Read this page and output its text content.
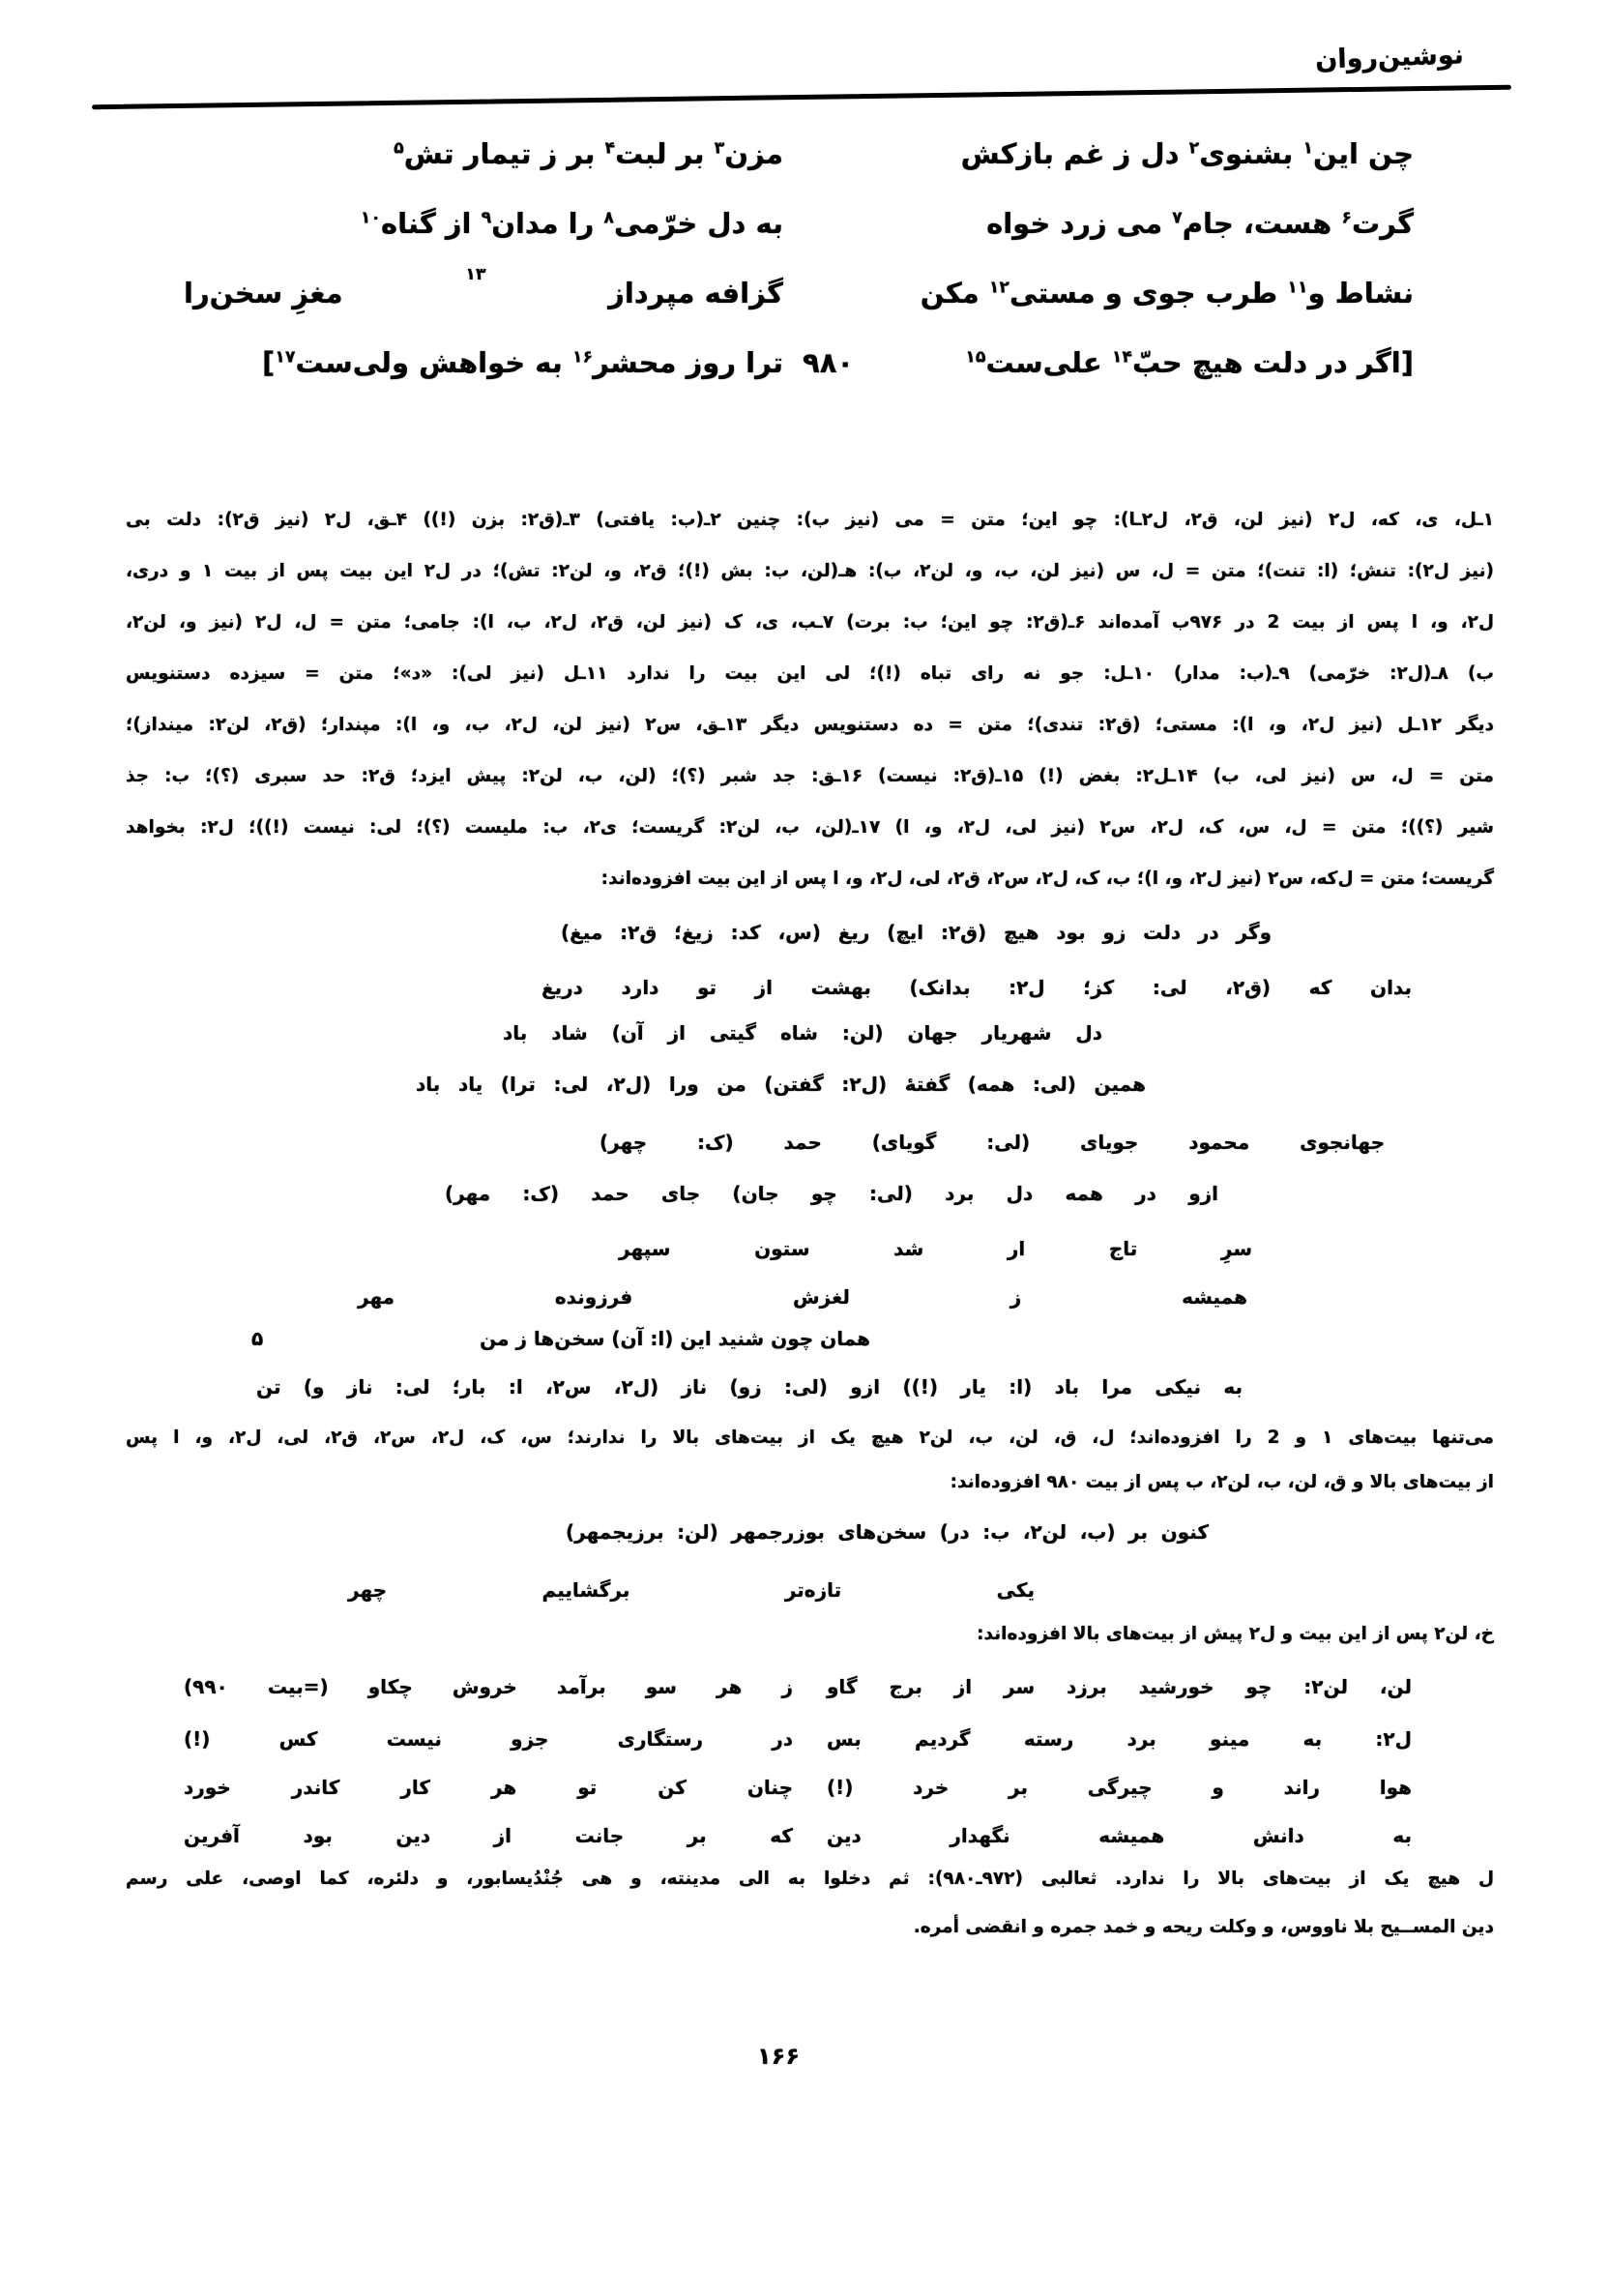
نوشین‌روان
چن این$^۱$ بشنوی$^۲$ دل ز غم بازکش
مزن$^۳$ بر لبت$^۴$ بر ز تیمار تش$^۵$
گرت$^۶$ هست، جام$^۷$ می زرد خواه
به دل خرّمی$^۸$ را مدان$^۹$ از گناه$^{۱۰}$
نشاط و$^{۱۱}$ طرب جوی و مستی$^{۱۲}$ مکن
گزافه مپرداز
۱۳
مغزِ سخن‌را
[اگر در دلت هیچ حبّ$^{۱۴}$ علی‌ست$^{۱۵}$
۹۸۰
ترا روز محشر$^{۱۶}$ به خواهش ولی‌ست$^{۱۷}$]
۱ـل، ی، که، ل۲ (نیز لن، ق۲، ل۲ـا): چو این؛ متن = می (نیز ب): چنین ۲ـ(ب: یافتی) ۳ـ(ق۲: بزن (!)) ۴ـق، ل۲ (نیز ق۲): دلت بی
(نیز ل۲): تنش؛ (ا: تنت)؛ متن = ل، س (نیز لن، ب، و، لن۲، ب): هـ(لن، ب: بش (!)؛ ق۲، و، لن۲: تش)؛ در ل۲ این بیت پس از بیت ۱ و دری،
ل۲، و، ا پس از بیت 2 در ۹۷۶ب آمده‌اند ۶ـ(ق۲: چو این؛ ب: برت) ۷ـب، ی، ک (نیز لن، ق۲، ل۲، ب، ا): جامی؛ متن = ل، ل۲ (نیز و، لن۲،
ب) ۸ـ(ل۲: خرّمی) ۹ـ(ب: مدار) ۱۰ـل: جو نه رای تباه (!)؛ لی این بیت را ندارد ۱۱ـل (نیز لی): «د»؛ متن = سیزده دستنویس
دیگر ۱۲ـل (نیز ل۲، و، ا): مستی؛ (ق۲: تندی)؛ متن = ده دستنویس دیگر ۱۳ـق، س۲ (نیز لن، ل۲، ب، و، ا): مپندار؛ (ق۲، لن۲: مینداز)؛
متن = ل، س (نیز لی، ب) ۱۴ـل۲: بغض (!) ۱۵ـ(ق۲: نیست) ۱۶ـق: جد شبر (؟)؛ (لن، ب، لن۲: پیش ایزد؛ ق۲: حد سبری (؟)؛ ب: جذ
شیر (؟))؛ متن = ل، س، ک، ل۲، س۲ (نیز لی، ل۲، و، ا) ۱۷ـ(لن، ب، لن۲: گریست؛ ی۲، ب: ملیست (؟)؛ لی: نیست (!))؛ ل۲: بخواهد
گریست؛ متن = ل‌که، س۲ (نیز ل۲، و، ا)؛ ب، ک، ل۲، س۲، ق۲، لی، ل۲، و، ا پس از این بیت افزوده‌اند:
وگر در دلت زو بود هیچ (ق۲: ایچ) ریغ (س، کد: زیغ؛ ق۲: میغ)
بدان که (ق۲، لی: کز؛ ل۲: بدانک) بهشت از تو دارد دریغ
دل شهریار جهان (لن: شاه گیتی از آن) شاد باد
همین (لی: همه) گفتهٔ (ل۲: گفتن) من ورا (ل۲، لی: ترا) یاد باد
جهانجوی محمود جویای (لی: گویای) حمد (ک: چهر)
ازو در همه دل برد (لی: چو جان) جای حمد (ک: مهر)
سرِ تاج ار شد ستون سپهر
همیشه ز لغزش فرزونده مهر
همان چون شنید این (ا: آن) سخن‌ها ز من
۵
به نیکی مرا باد (ا: یار (!)) ازو (لی: زو) ناز (ل۲، س۲، ا: بار؛ لی: ناز و) تن
می‌تنها بیت‌های ۱ و 2 را افزوده‌اند؛ ل، ق، لن، ب، لن۲ هیچ یک از بیت‌های بالا را ندارند؛ س، ک، ل۲، س۲، ق۲، لی، ل۲، و، ا پس
از بیت‌های بالا و ق، لن، ب، لن۲، ب پس از بیت ۹۸۰ افزوده‌اند:
کنون بر (ب، لن۲، ب: در) سخن‌های بوزرجمهر (لن: برزیجمهر)
یکی تازه‌تر برگشاییم چهر
خ، لن۲ پس از این بیت و ل۲ پیش از بیت‌های بالا افزوده‌اند:
لن، لن۲: چو خورشید برزد سر از برج گاو
ز هر سو برآمد خروش چکاو (=بیت ۹۹۰)
ل۲: به مینو برد رسته گردیم بس
در رستگاری جزو نیست کس (!)
هوا راند و چیرگی بر خرد (!)
چنان کن تو هر کار کاندر خورد
به دانش همیشه نگهدار دین
که بر جانت از دین بود آفرین
ل هیچ یک از بیت‌های بالا را ندارد. ثعالبی (۹۷۲ـ۹۸۰): ثم دخلوا به الی مدینته، و هی جُنْدُیسابور، و دلئره، کما اوصی، علی رسم
دین المســیح بلا ناووس، و وکلت ریحه و خمد جمره و انقضی أمره.
۱۶۶
